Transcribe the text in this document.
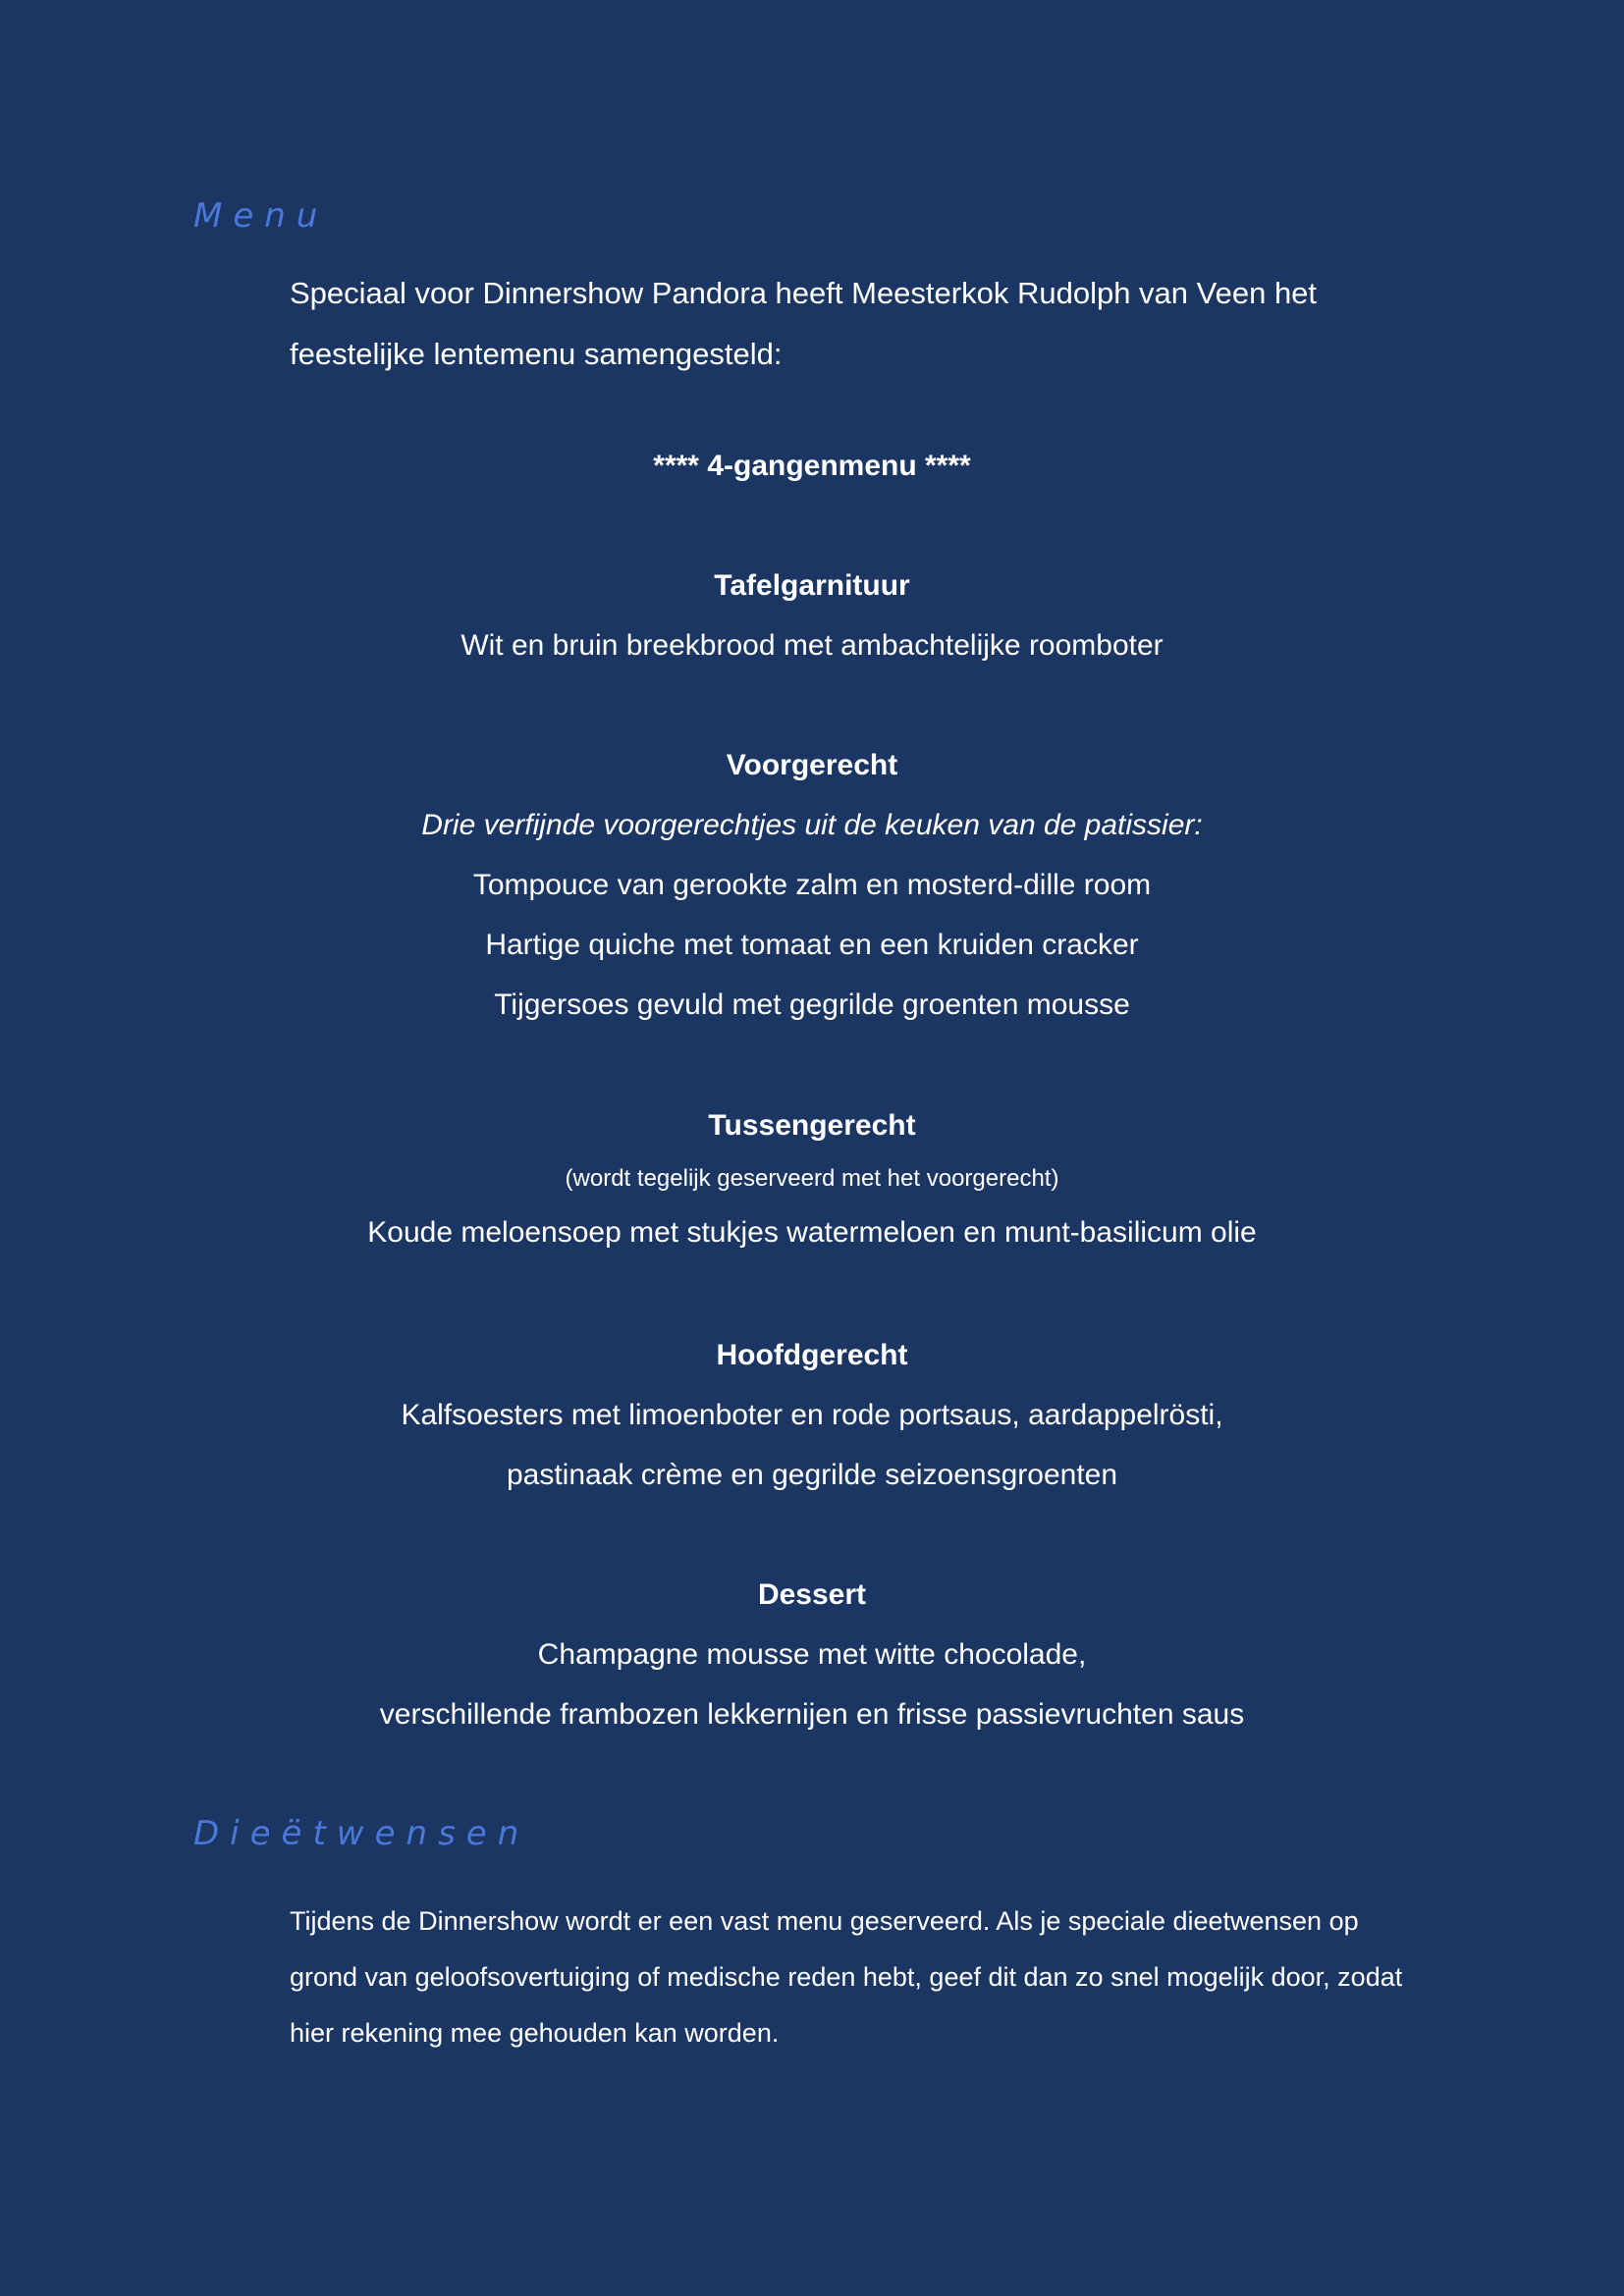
Menu

Speciaal voor Dinnershow Pandora heeft Meesterkok Rudolph van Veen het feestelijke lentemenu samengesteld:

**** 4-gangenmenu ****
Tafelgarnituur
Wit en bruin breekbrood met ambachtelijke roomboter
Voorgerecht
Drie verfijnde voorgerechtjes uit de keuken van de patissier:
Tompouce van gerookte zalm en mosterd-dille room
Hartige quiche met tomaat en een kruiden cracker
Tijgersoes gevuld met gegrilde groenten mousse
Tussengerecht
(wordt tegelijk geserveerd met het voorgerecht)
Koude meloensoep met stukjes watermeloen en munt-basilicum olie
Hoofdgerecht
Kalfsoesters met limoenboter en rode portsaus, aardappelrösti,
pastinaak crème en gegrilde seizoensgroenten
Dessert
Champagne mousse met witte chocolade,
verschillende frambozen lekkernijen en frisse passievruchten saus
Dieëtwensen

Tijdens de Dinnershow wordt er een vast menu geserveerd. Als je speciale dieetwensen op grond van geloofsovertuiging of medische reden hebt, geef dit dan zo snel mogelijk door, zodat hier rekening mee gehouden kan worden.
